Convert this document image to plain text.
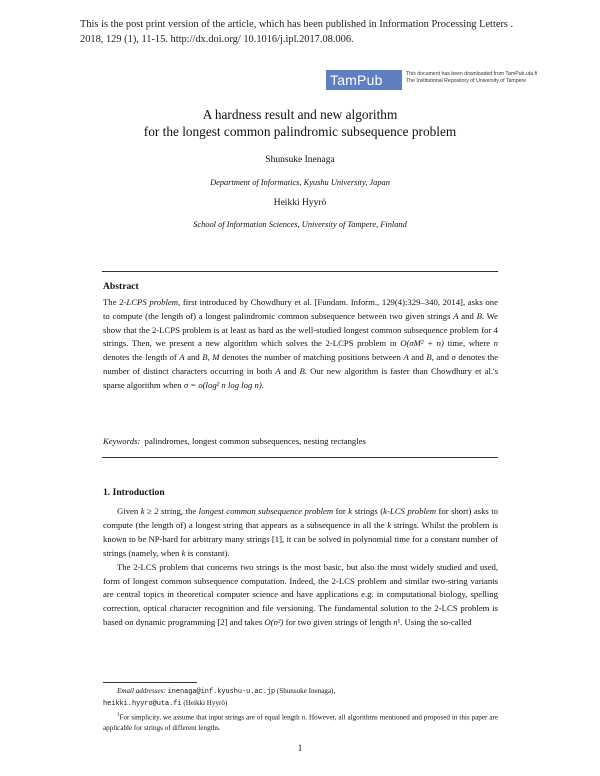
This is the post print version of the article, which has been published in Information Processing Letters .
2018, 129 (1), 11-15. http://dx.doi.org/ 10.1016/j.ipl.2017.08.006.
TamPub	This document has been downloaded from TamPub.uta.fi
The Institutional Repository of University of Tampere
A hardness result and new algorithm
for the longest common palindromic subsequence problem
Shunsuke Inenaga
Department of Informatics, Kyushu University, Japan
Heikki Hyyrö
School of Information Sciences, University of Tampere, Finland
Abstract

The 2-LCPS problem, first introduced by Chowdhury et al. [Fundam. Inform., 129(4):329–340, 2014], asks one to compute (the length of) a longest palindromic common subsequence between two given strings A and B. We show that the 2-LCPS problem is at least as hard as the well-studied longest common subsequence problem for 4 strings. Then, we present a new algorithm which solves the 2-LCPS problem in O(σM² + n) time, where n denotes the length of A and B, M denotes the number of matching positions between A and B, and σ denotes the number of distinct characters occurring in both A and B. Our new algorithm is faster than Chowdhury et al.'s sparse algorithm when σ = o(log² n log log n).

Keywords: palindromes, longest common subsequences, nesting rectangles
1. Introduction

Given k ≥ 2 string, the longest common subsequence problem for k strings (k-LCS problem for short) asks to compute (the length of) a longest string that appears as a subsequence in all the k strings. Whilst the problem is known to be NP-hard for arbitrary many strings [1], it can be solved in polynomial time for a constant number of strings (namely, when k is constant).

The 2-LCS problem that concerns two strings is the most basic, but also the most widely studied and used, form of longest common subsequence computation. Indeed, the 2-LCS problem and similar two-string variants are central topics in theoretical computer science and have applications e.g. in computational biology, spelling correction, optical character recognition and file versioning. The fundamental solution to the 2-LCS problem is based on dynamic programming [2] and takes O(n²) for two given strings of length n¹. Using the so-called

Email addresses: inenaga@inf.kyushu-u.ac.jp (Shunsuke Inenaga),

heikki.hyyro@uta.fi (Heikki Hyyrö)

$^1$For simplicity, we assume that input strings are of equal length n. However, all algorithms mentioned and proposed in this paper are applicable for strings of different lengths.

1
